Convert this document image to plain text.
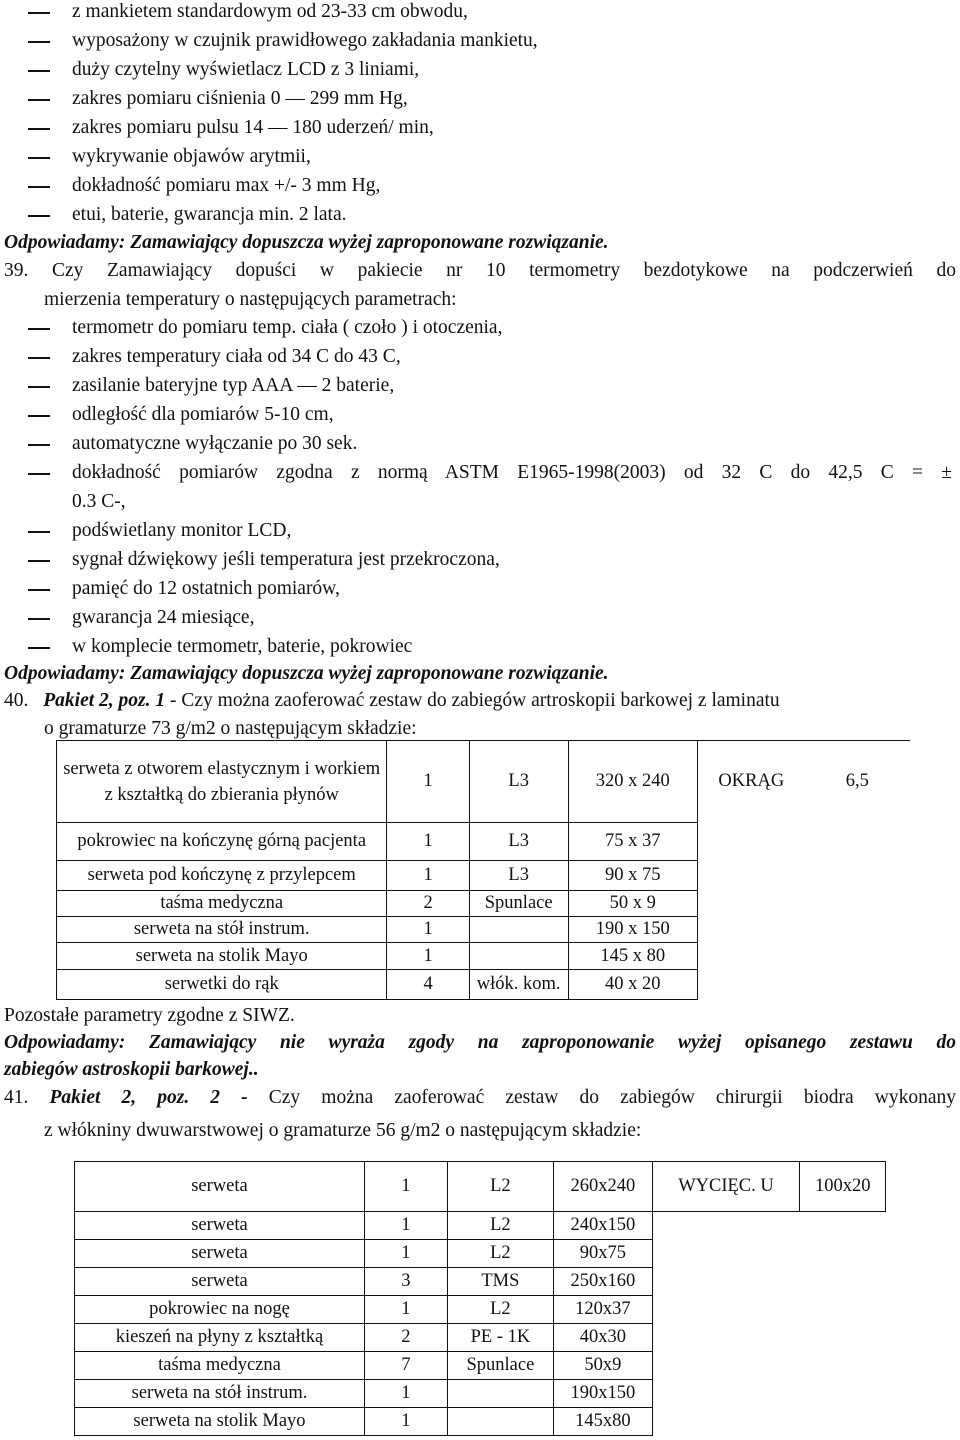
z mankietem standardowym od 23-33 cm obwodu,
wyposażony w czujnik prawidłowego zakładania mankietu,
duży czytelny wyświetlacz LCD z 3 liniami,
zakres pomiaru ciśnienia 0 — 299 mm Hg,
zakres pomiaru pulsu 14 — 180 uderzeń/ min,
wykrywanie objawów arytmii,
dokładność pomiaru max +/- 3 mm Hg,
etui, baterie, gwarancja min. 2 lata.
Odpowiadamy: Zamawiający dopuszcza wyżej zaproponowane rozwiązanie.
39. Czy Zamawiający dopuści w pakiecie nr 10 termometry bezdotykowe na podczerwień do
mierzenia temperatury o następujących parametrach:
termometr do pomiaru temp. ciała ( czoło ) i otoczenia,
zakres temperatury ciała od 34 C do 43 C,
zasilanie bateryjne typ AAA — 2 baterie,
odległość dla pomiarów 5-10 cm,
automatyczne wyłączanie po 30 sek.
dokładność pomiarów zgodna z normą ASTM E1965-1998(2003) od 32 C do 42,5 C = ±
0.3 C-,
podświetlany monitor LCD,
sygnał dźwiękowy jeśli temperatura jest przekroczona,
pamięć do 12 ostatnich pomiarów,
gwarancja 24 miesiące,
w komplecie termometr, baterie, pokrowiec
Odpowiadamy: Zamawiający dopuszcza wyżej zaproponowane rozwiązanie.
40. Pakiet 2, poz. 1 - Czy można zaoferować zestaw do zabiegów artroskopii barkowej z laminatu
o gramaturze 73 g/m2 o następującym składzie:
serweta z otworem elastycznym i workiem z kształtką do zbierania płynów	1	L3	320 x 240	OKRĄG	6,5
pokrowiec na kończynę górną pacjenta	1	L3	75 x 37		
serweta pod kończynę z przylepcem	1	L3	90 x 75		
taśma medyczna	2	Spunlace	50 x 9		
serweta na stół instrum.	1		190 x 150		
serweta na stolik Mayo	1		145 x 80		
serwetki do rąk	4	włók. kom.	40 x 20		
Pozostałe parametry zgodne z SIWZ.
Odpowiadamy: Zamawiający nie wyraża zgody na zaproponowanie wyżej opisanego zestawu do
zabiegów astroskopii barkowej..
41. Pakiet 2, poz. 2 - Czy można zaoferować zestaw do zabiegów chirurgii biodra wykonany
z włókniny dwuwarstwowej o gramaturze 56 g/m2 o następującym składzie:
serweta	1	L2	260x240	WYCIĘC. U	100x20
serweta	1	L2	240x150		
serweta	1	L2	90x75		
serweta	3	TMS	250x160		
pokrowiec na nogę	1	L2	120x37		
kieszeń na płyny z kształtką	2	PE - 1K	40x30		
taśma medyczna	7	Spunlace	50x9		
serweta na stół instrum.	1		190x150		
serweta na stolik Mayo	1		145x80		
